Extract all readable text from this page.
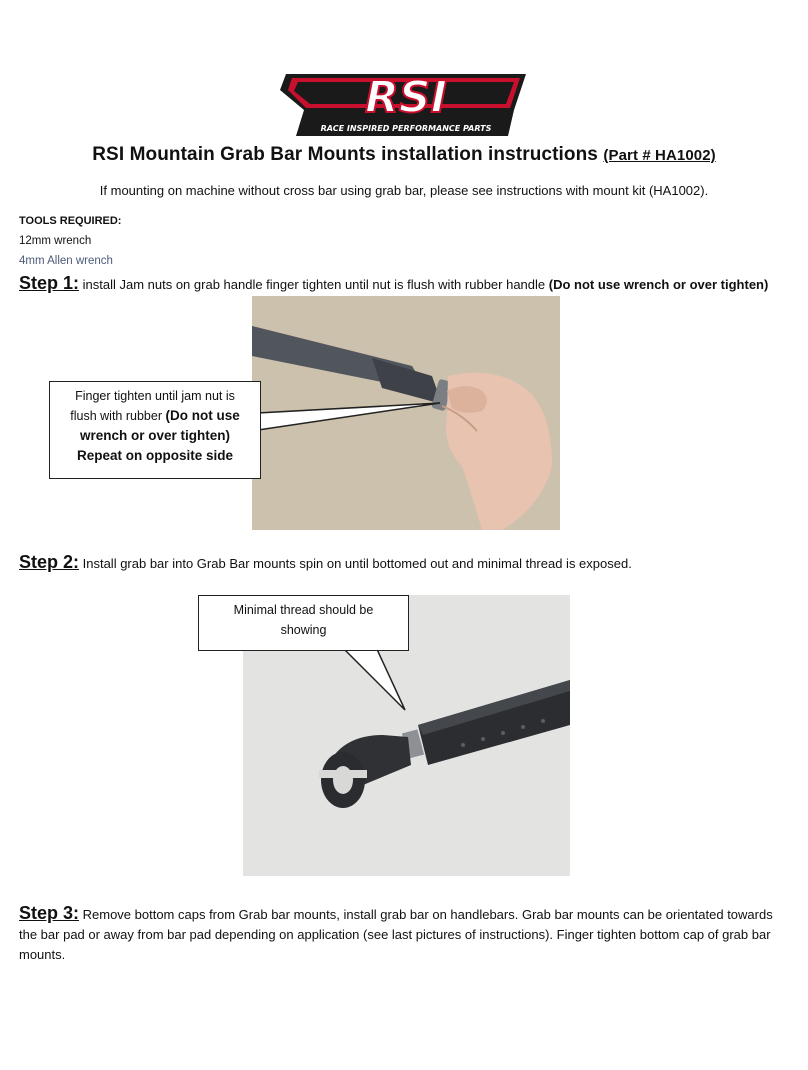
RSI
RACE INSPIRED PERFORMANCE PARTS
RSI Mountain Grab Bar Mounts installation instructions (Part # HA1002)
If mounting on machine without cross bar using grab bar, please see instructions with mount kit (HA1002).
TOOLS REQUIRED:
12mm wrench
4mm Allen wrench
Step 1: install Jam nuts on grab handle finger tighten until nut is flush with rubber handle (Do not use wrench or over tighten)
Finger tighten until jam nut is
flush with rubber (Do not use
wrench or over tighten)
Repeat on opposite side
Step 2: Install grab bar into Grab Bar mounts spin on until bottomed out and minimal thread is exposed.
Minimal thread should be
showing
Step 3: Remove bottom caps from Grab bar mounts, install grab bar on handlebars. Grab bar mounts can be orientated towards the bar pad or away from bar pad depending on application (see last pictures of instructions). Finger tighten bottom cap of grab bar mounts.
